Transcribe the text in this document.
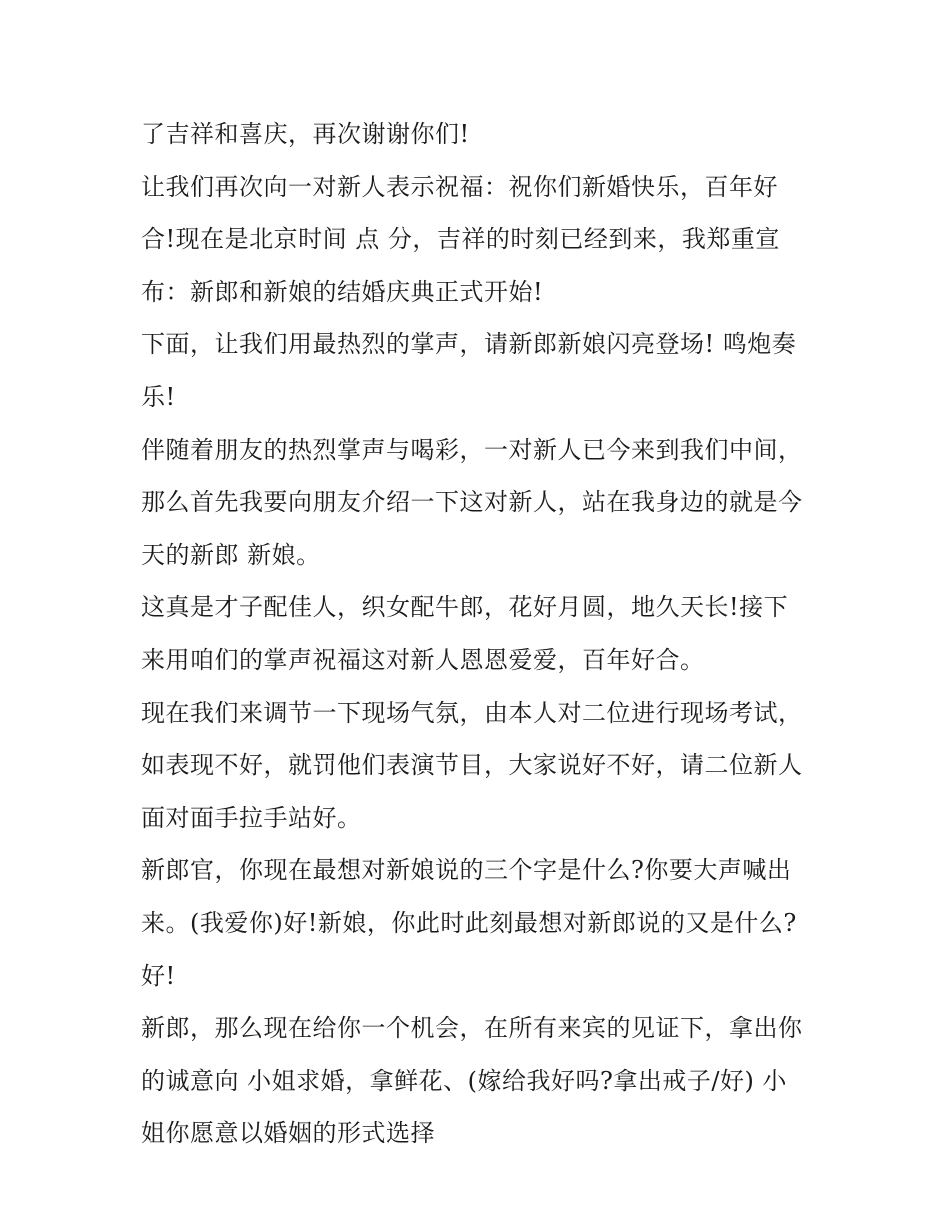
了吉祥和喜庆，再次谢谢你们!
让我们再次向一对新人表示祝福：祝你们新婚快乐，百年好
合!现在是北京时间 点 分，吉祥的时刻已经到来，我郑重宣
布：新郎和新娘的结婚庆典正式开始!
下面，让我们用最热烈的掌声，请新郎新娘闪亮登场! 鸣炮奏
乐!
伴随着朋友的热烈掌声与喝彩，一对新人已今来到我们中间，
那么首先我要向朋友介绍一下这对新人，站在我身边的就是今
天的新郎 新娘。
这真是才子配佳人，织女配牛郎，花好月圆，地久天长!接下
来用咱们的掌声祝福这对新人恩恩爱爱，百年好合。
现在我们来调节一下现场气氛，由本人对二位进行现场考试，
如表现不好，就罚他们表演节目，大家说好不好，请二位新人
面对面手拉手站好。
新郎官，你现在最想对新娘说的三个字是什么?你要大声喊出
来。(我爱你)好!新娘，你此时此刻最想对新郎说的又是什么?
好!
新郎，那么现在给你一个机会，在所有来宾的见证下，拿出你
的诚意向 小姐求婚，拿鲜花、(嫁给我好吗?拿出戒子/好) 小
姐你愿意以婚姻的形式选择
